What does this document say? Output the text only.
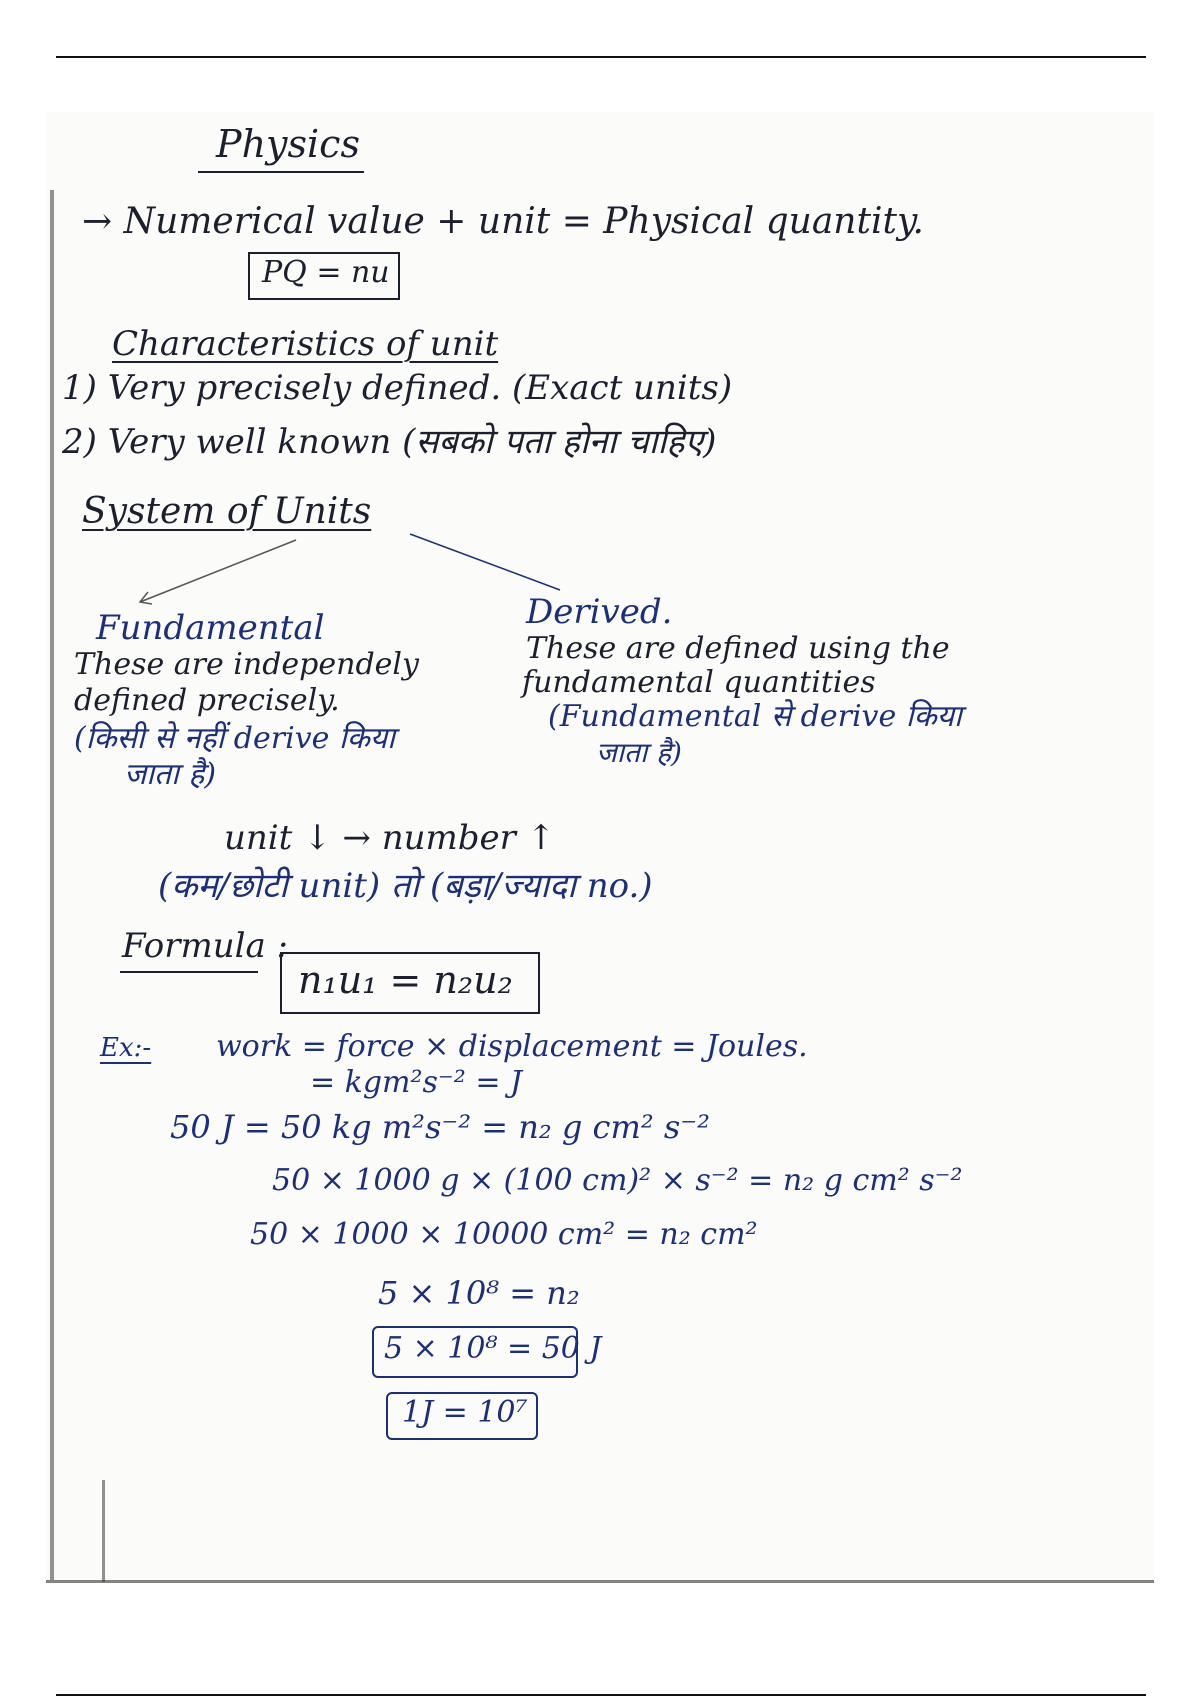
Physics
→ Numerical value + unit = Physical quantity.
PQ = nu
Characteristics of unit
1) Very precisely defined. (Exact units)
2) Very well known (सबको पता होना चाहिए)
System of Units
Fundamental
These are independely
defined precisely.
(किसी से नहीं derive किया
जाता है)
Derived.
These are defined using the
fundamental quantities
(Fundamental से derive किया
जाता है)
unit ↓ → number ↑
(कम/छोटी unit) तो (बड़ा/ज्यादा no.)
Formula :
n₁u₁ = n₂u₂
Ex:- work = force × displacement = Joules.
= kgm²s⁻² = J
50 J = 50 kg m²s⁻² = n₂ g cm² s⁻²
50 × 1000 g × (100 cm)² × s⁻² = n₂ g cm² s⁻²
50 × 1000 × 10000 cm² = n₂ cm²
5 × 10⁸ = n₂
5 × 10⁸ = 50 J
1J = 10⁷
